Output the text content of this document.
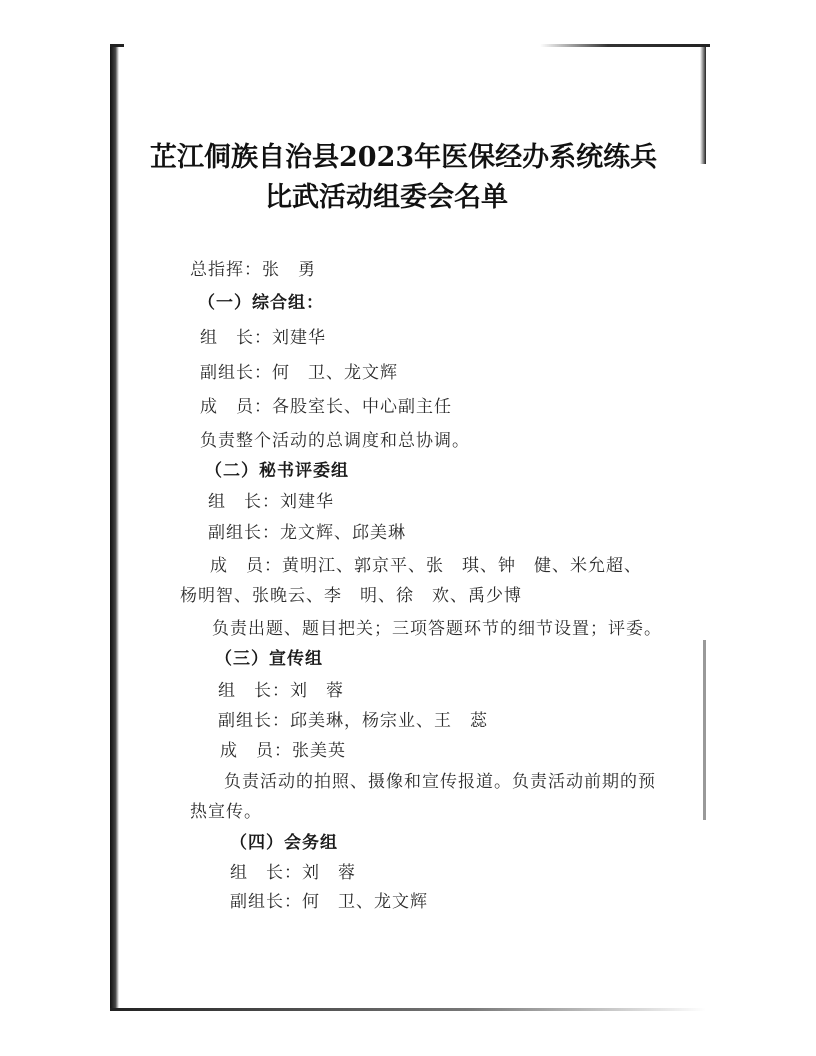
芷江侗族自治县2023年医保经办系统练兵
比武活动组委会名单
总指挥：张　勇
（一）综合组：
组　长：刘建华
副组长：何　卫、龙文辉
成　员：各股室长、中心副主任
负责整个活动的总调度和总协调。
（二）秘书评委组
组　长：刘建华
副组长：龙文辉、邱美琳
成　员：黄明江、郭京平、张　琪、钟　健、米允超、
杨明智、张晚云、李　明、徐　欢、禹少博
负责出题、题目把关；三项答题环节的细节设置；评委。
（三）宣传组
组　长：刘　蓉
副组长：邱美琳，杨宗业、王　蕊
成　员：张美英
负责活动的拍照、摄像和宣传报道。负责活动前期的预
热宣传。
（四）会务组
组　长：刘　蓉
副组长：何　卫、龙文辉
